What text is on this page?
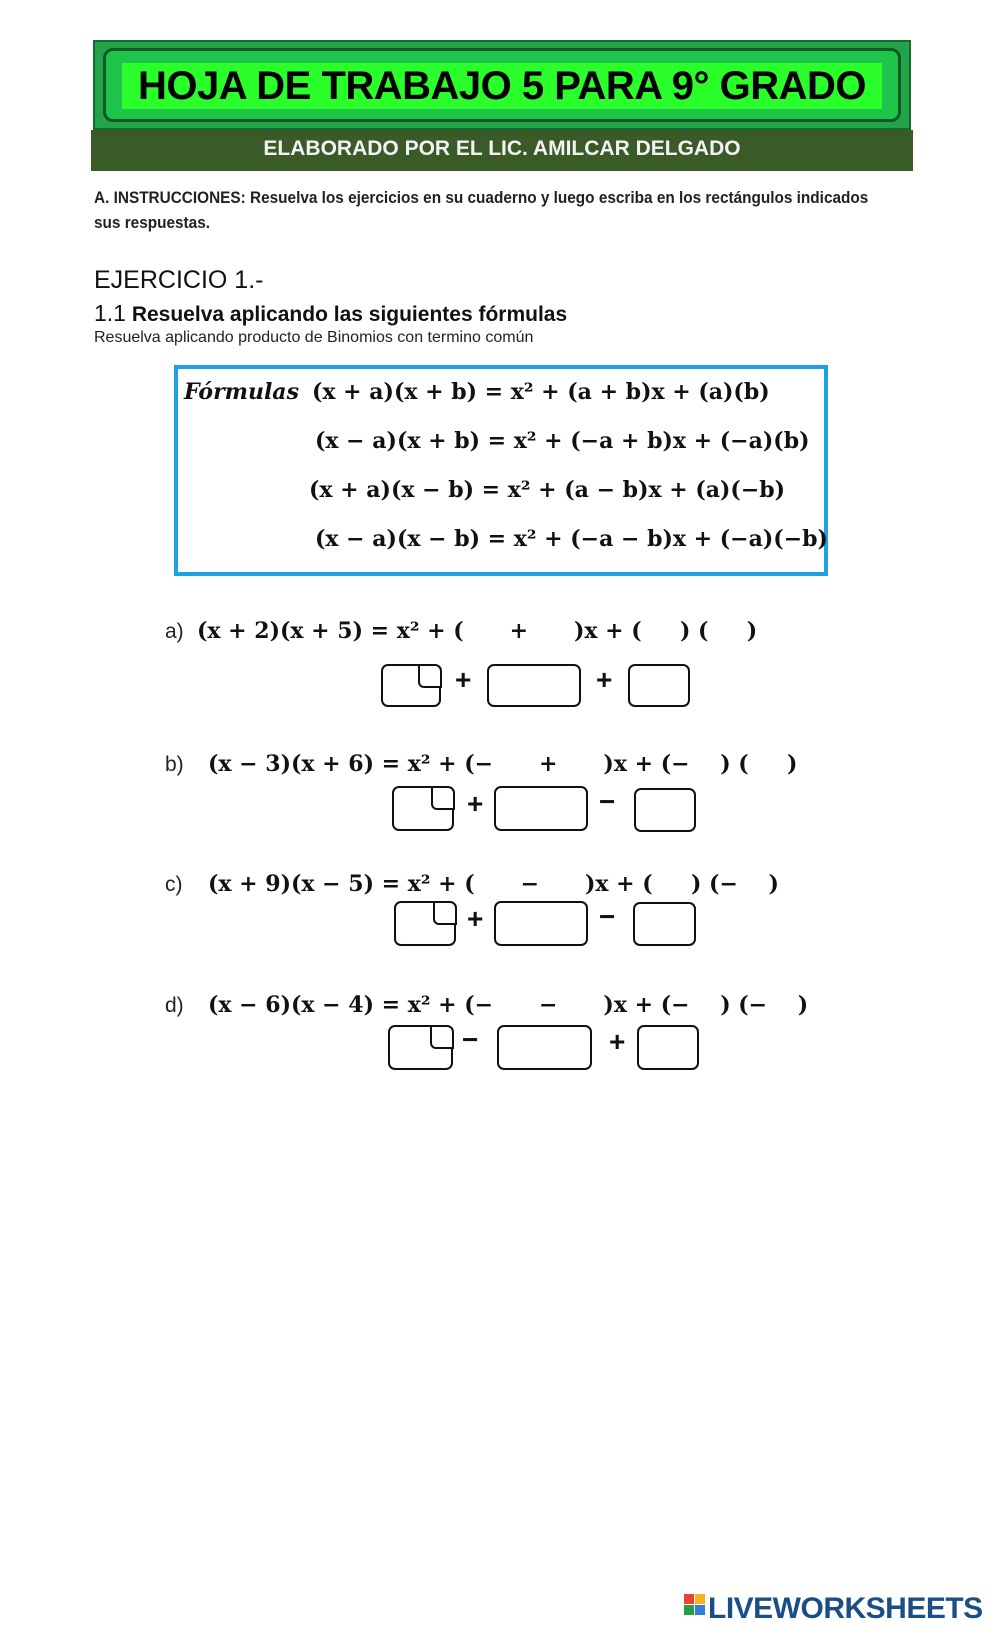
HOJA DE TRABAJO 5 PARA 9° GRADO
ELABORADO POR EL LIC. AMILCAR DELGADO
A. INSTRUCCIONES: Resuelva los ejercicios en su cuaderno y luego escriba en los rectángulos indicados sus respuestas.
EJERCICIO 1.-
1.1 Resuelva aplicando las siguientes fórmulas
Resuelva aplicando producto de Binomios con termino común
Fórmulas (x + a)(x + b) = x² + (a + b)x + (a)(b)
(x − a)(x + b) = x² + (−a + b)x + (−a)(b)
(x + a)(x − b) = x² + (a − b)x + (a)(−b)
(x − a)(x − b) = x² + (−a − b)x + (−a)(−b)
a) (x + 2)(x + 5) = x² + (      +      )x + (     ) (     )
+	+
b) (x − 3)(x + 6) = x² + (−      +      )x + (−    ) (     )
+	−
c) (x + 9)(x − 5) = x² + (      −      )x + (     ) (−    )
+	−
d) (x − 6)(x − 4) = x² + (−      −      )x + (−    ) (−    )
−	+
LIVEWORKSHEETS
